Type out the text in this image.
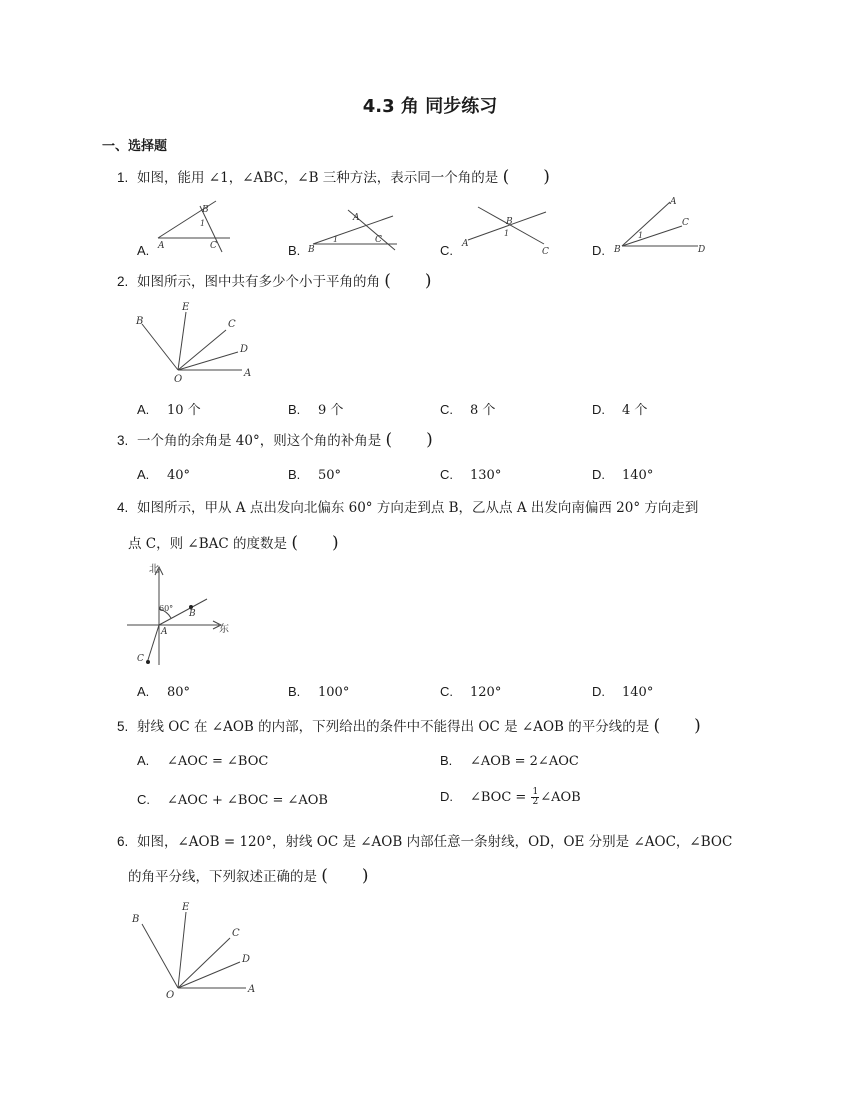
4.3 角 同步练习
一、选择题
1. 如图，能用 ∠1，∠ABC，∠B 三种方法，表示同一个角的是 (　　)
A.	B.	C.	D.
B
1
A	C
A
1
B
C
B
1
A
C
A
C
1
B	D
2. 如图所示，图中共有多少个小于平角的角 (　　)
B
E
C
D
O
A
A. 10 个	B. 9 个	C. 8 个	D. 4 个
3. 一个角的余角是 40°，则这个角的补角是 (　　)
A. 40°	B. 50°	C. 130°	D. 140°
4. 如图所示，甲从 A 点出发向北偏东 60° 方向走到点 B，乙从点 A 出发向南偏西 20° 方向走到
点 C，则 ∠BAC 的度数是 (　　)
北
东
60°
A
B
C
A. 80°	B. 100°	C. 120°	D. 140°
5. 射线 OC 在 ∠AOB 的内部，下列给出的条件中不能得出 OC 是 ∠AOB 的平分线的是 (　　)
A. ∠AOC = ∠BOC	B. ∠AOB = 2∠AOC
C. ∠AOC + ∠BOC = ∠AOB	D. ∠BOC = $\frac{1}{2}$ ∠AOB
6. 如图，∠AOB = 120°，射线 OC 是 ∠AOB 内部任意一条射线，OD，OE 分别是 ∠AOC，∠BOC
的角平分线，下列叙述正确的是 (　　)
B
E
C
D
O
A
